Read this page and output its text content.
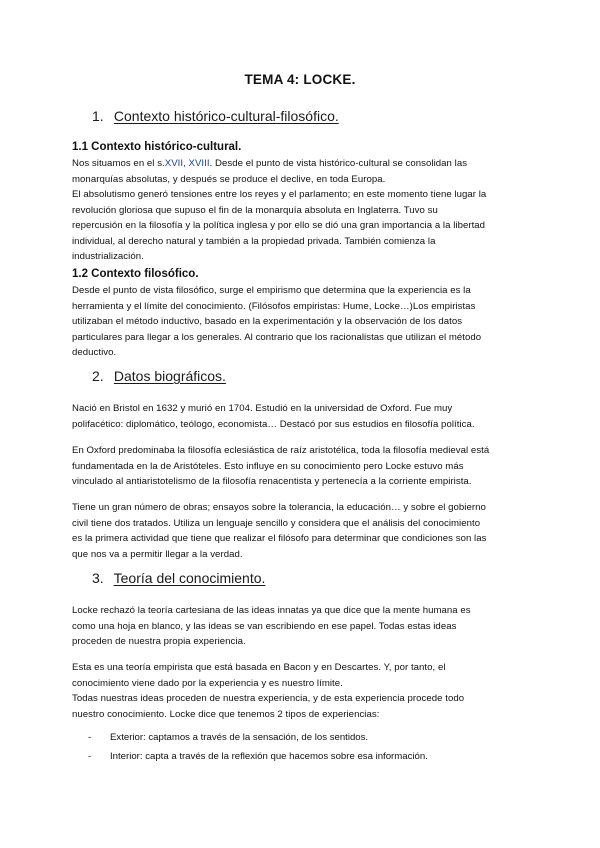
TEMA 4: LOCKE.
1. Contexto histórico-cultural-filosófico.
1.1 Contexto histórico-cultural.

Nos situamos en el s.XVII, XVIII. Desde el punto de vista histórico-cultural se consolidan las

monarquías absolutas, y después se produce el declive, en toda Europa.

El absolutismo generó tensiones entre los reyes y el parlamento; en este momento tiene lugar la

revolución gloriosa que supuso el fin de la monarquía absoluta en Inglaterra. Tuvo su

repercusión en la filosofía y la política inglesa y por ello se dió una gran importancia a la libertad

individual, al derecho natural y también a la propiedad privada. También comienza la

industrialización.

1.2 Contexto filosófico.

Desde el punto de vista filosófico, surge el empirismo que determina que la experiencia es la

herramienta y el límite del conocimiento. (Filósofos empiristas: Hume, Locke…)Los empiristas

utilizaban el método inductivo, basado en la experimentación y la observación de los datos

particulares para llegar a los generales. Al contrario que los racionalistas que utilizan el método

deductivo.

2. Datos biográficos.

Nació en Bristol en 1632 y murió en 1704. Estudió en la universidad de Oxford. Fue muy

polifacético: diplomático, teólogo, economista… Destacó por sus estudios en filosofía política.

En Oxford predominaba la filosofía eclesiástica de raíz aristotélica, toda la filosofía medieval está

fundamentada en la de Aristóteles. Esto influye en su conocimiento pero Locke estuvo más

vinculado al antiaristotelismo de la filosofía renacentista y pertenecía a la corriente empirista.

Tiene un gran número de obras; ensayos sobre la tolerancia, la educación… y sobre el gobierno

civil tiene dos tratados. Utiliza un lenguaje sencillo y considera que el análisis del conocimiento

es la primera actividad que tiene que realizar el filósofo para determinar que condiciones son las

que nos va a permitir llegar a la verdad.

3. Teoría del conocimiento.

Locke rechazó la teoría cartesiana de las ideas innatas ya que dice que la mente humana es

como una hoja en blanco, y las ideas se van escribiendo en ese papel. Todas estas ideas

proceden de nuestra propia experiencia.

Esta es una teoría empirista que está basada en Bacon y en Descartes. Y, por tanto, el

conocimiento viene dado por la experiencia y es nuestro límite.

Todas nuestras ideas proceden de nuestra experiencia, y de esta experiencia procede todo

nuestro conocimiento. Locke dice que tenemos 2 tipos de experiencias:

-	Exterior: captamos a través de la sensación, de los sentidos.
-	Interior: capta a través de la reflexión que hacemos sobre esa información.
